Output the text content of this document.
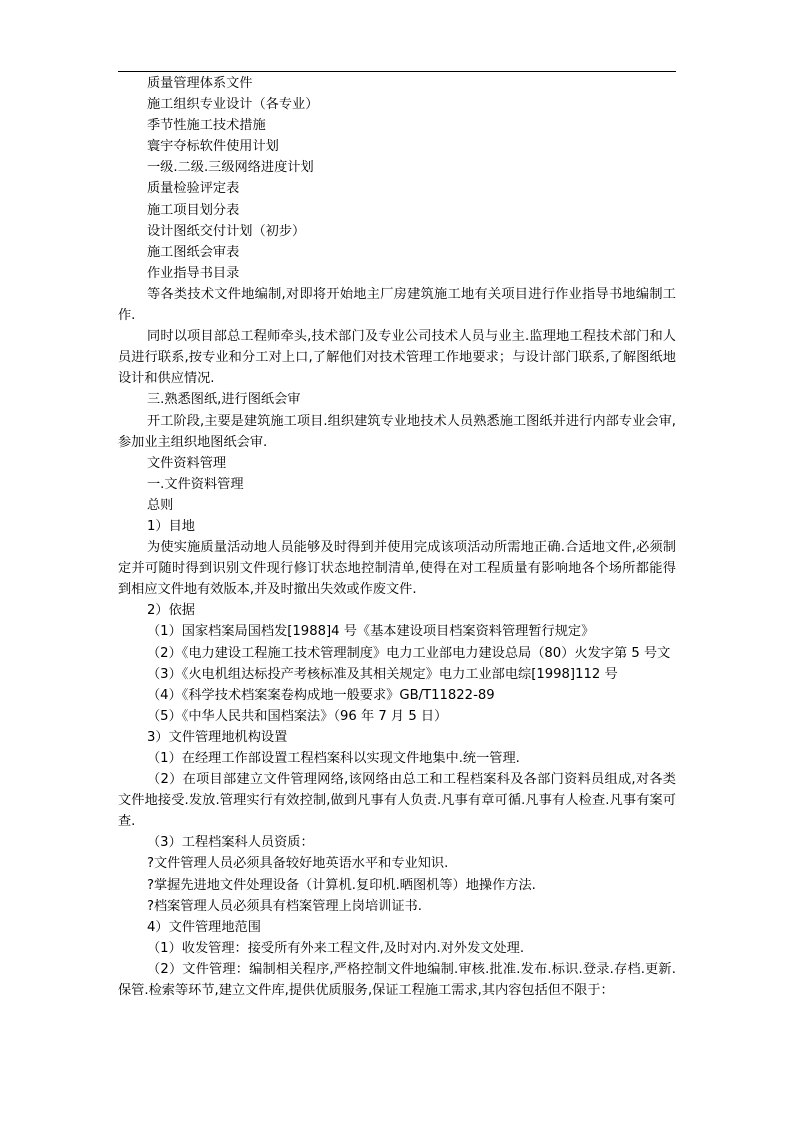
质量管理体系文件
施工组织专业设计（各专业）
季节性施工技术措施
寰宇夺标软件使用计划
一级.二级.三级网络进度计划
质量检验评定表
施工项目划分表
设计图纸交付计划（初步）
施工图纸会审表
作业指导书目录
等各类技术文件地编制,对即将开始地主厂房建筑施工地有关项目进行作业指导书地编制工作.
同时以项目部总工程师牵头,技术部门及专业公司技术人员与业主.监理地工程技术部门和人员进行联系,按专业和分工对上口,了解他们对技术管理工作地要求；与设计部门联系,了解图纸地设计和供应情况.
三.熟悉图纸,进行图纸会审
开工阶段,主要是建筑施工项目.组织建筑专业地技术人员熟悉施工图纸并进行内部专业会审,参加业主组织地图纸会审.
文件资料管理
一.文件资料管理
总则
1）目地
为使实施质量活动地人员能够及时得到并使用完成该项活动所需地正确.合适地文件,必须制定并可随时得到识别文件现行修订状态地控制清单,使得在对工程质量有影响地各个场所都能得到相应文件地有效版本,并及时撤出失效或作废文件.
2）依据
（1）国家档案局国档发[1988]4 号《基本建设项目档案资料管理暂行规定》
（2）《电力建设工程施工技术管理制度》电力工业部电力建设总局（80）火发字第 5 号文
（3）《火电机组达标投产考核标准及其相关规定》电力工业部电综[1998]112 号
（4）《科学技术档案案卷构成地一般要求》GB/T11822-89
（5）《中华人民共和国档案法》（96 年 7 月 5 日）
3）文件管理地机构设置
（1）在经理工作部设置工程档案科以实现文件地集中.统一管理.
（2）在项目部建立文件管理网络,该网络由总工和工程档案科及各部门资料员组成,对各类文件地接受.发放.管理实行有效控制,做到凡事有人负责.凡事有章可循.凡事有人检查.凡事有案可查.
（3）工程档案科人员资质：
?文件管理人员必须具备较好地英语水平和专业知识.
?掌握先进地文件处理设备（计算机.复印机.晒图机等）地操作方法.
?档案管理人员必须具有档案管理上岗培训证书.
4）文件管理地范围
（1）收发管理：接受所有外来工程文件,及时对内.对外发文处理.
（2）文件管理：编制相关程序,严格控制文件地编制.审核.批准.发布.标识.登录.存档.更新.保管.检索等环节,建立文件库,提供优质服务,保证工程施工需求,其内容包括但不限于：
